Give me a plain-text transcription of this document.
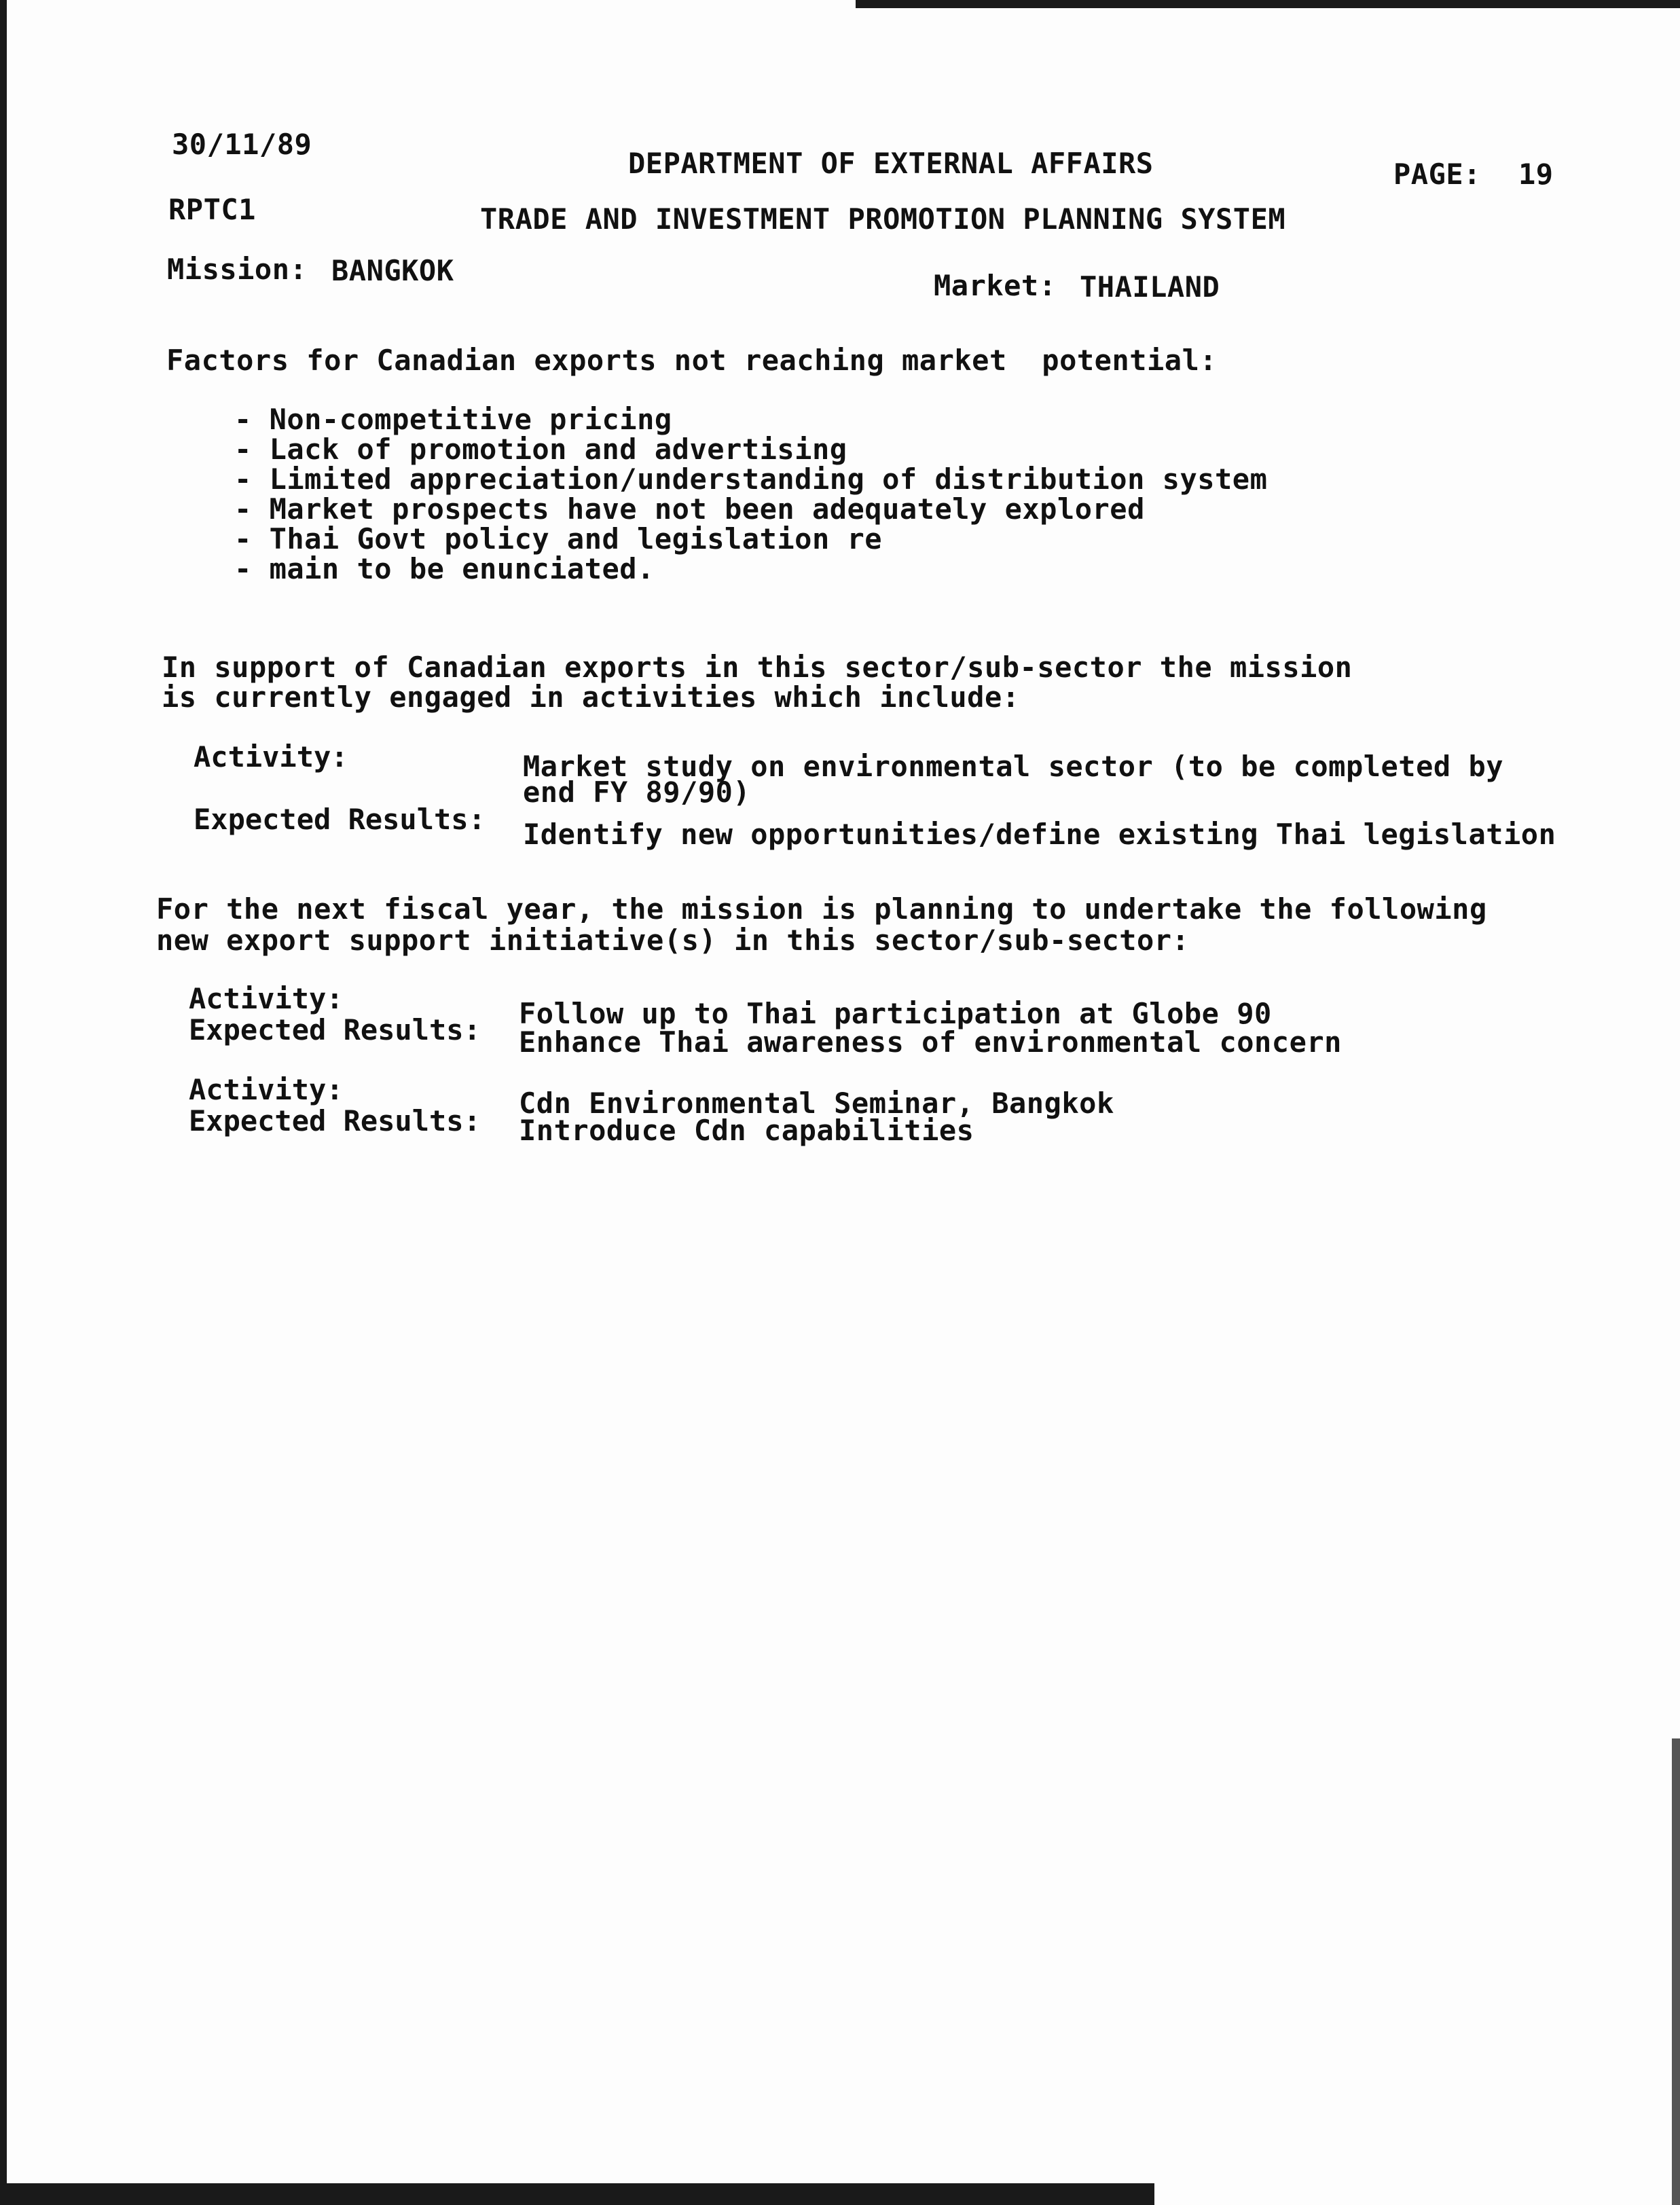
30/11/89
DEPARTMENT OF EXTERNAL AFFAIRS	PAGE: 19
RPTC1	TRADE AND INVESTMENT PROMOTION PLANNING SYSTEM
Mission: BANGKOK	Market: THAILAND
Factors for Canadian exports not reaching market  potential:
- Non-competitive pricing
- Lack of promotion and advertising
- Limited appreciation/understanding of distribution system
- Market prospects have not been adequately explored
- Thai Govt policy and legislation re
- main to be enunciated.
In support of Canadian exports in this sector/sub-sector the mission
is currently engaged in activities which include:
Activity:	Market study on environmental sector (to be completed by
end FY 89/90)
Expected Results: Identify new opportunities/define existing Thai legislation
For the next fiscal year, the mission is planning to undertake the following
new export support initiative(s) in this sector/sub-sector:
Activity:	Follow up to Thai participation at Globe 90
Expected Results: Enhance Thai awareness of environmental concern
Activity:	Cdn Environmental Seminar, Bangkok
Expected Results: Introduce Cdn capabilities
